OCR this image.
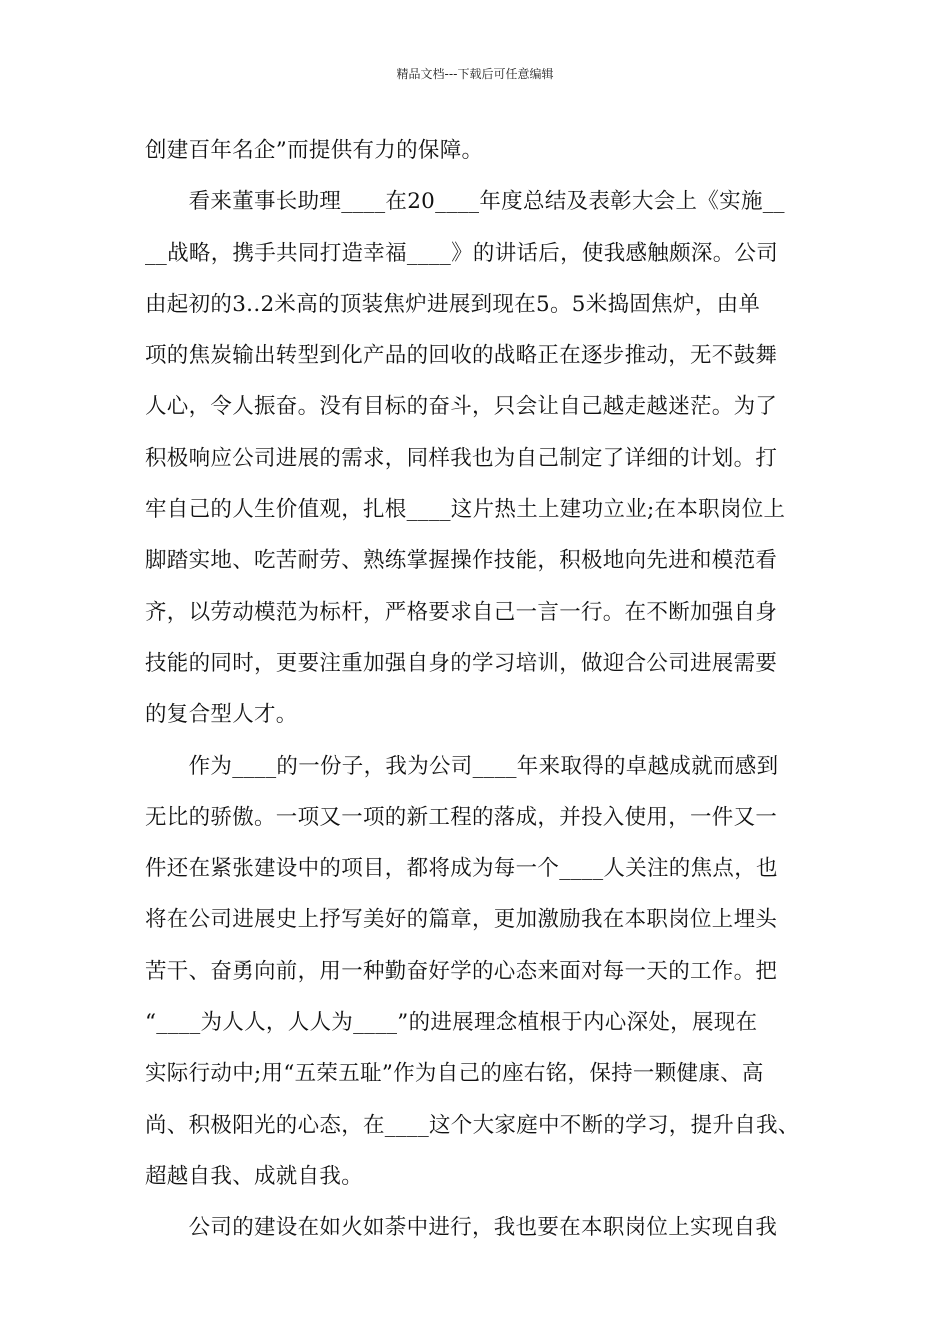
精品文档---下载后可任意编辑
创建百年名企”而提供有力的保障。
　　看来董事长助理____在20____年度总结及表彰大会上《实施__
__战略，携手共同打造幸福____》的讲话后，使我感触颇深。公司
由起初的3..2米高的顶装焦炉进展到现在5。5米捣固焦炉，由单
项的焦炭输出转型到化产品的回收的战略正在逐步推动，无不鼓舞
人心，令人振奋。没有目标的奋斗，只会让自己越走越迷茫。为了
积极响应公司进展的需求，同样我也为自己制定了详细的计划。打
牢自己的人生价值观，扎根____这片热土上建功立业;在本职岗位上
脚踏实地、吃苦耐劳、熟练掌握操作技能，积极地向先进和模范看
齐，以劳动模范为标杆，严格要求自己一言一行。在不断加强自身
技能的同时，更要注重加强自身的学习培训，做迎合公司进展需要
的复合型人才。
　　作为____的一份子，我为公司____年来取得的卓越成就而感到
无比的骄傲。一项又一项的新工程的落成，并投入使用，一件又一
件还在紧张建设中的项目，都将成为每一个____人关注的焦点，也
将在公司进展史上抒写美好的篇章，更加激励我在本职岗位上埋头
苦干、奋勇向前，用一种勤奋好学的心态来面对每一天的工作。把
“____为人人，人人为____”的进展理念植根于内心深处，展现在
实际行动中;用“五荣五耻”作为自己的座右铭，保持一颗健康、高
尚、积极阳光的心态，在____这个大家庭中不断的学习，提升自我、
超越自我、成就自我。
　　公司的建设在如火如荼中进行，我也要在本职岗位上实现自我
